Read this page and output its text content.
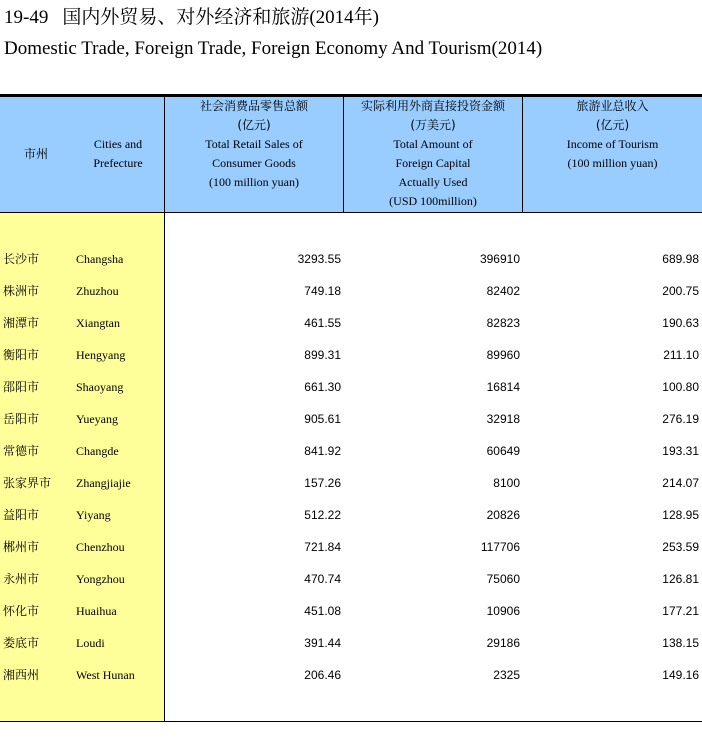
19-49 国内外贸易、对外经济和旅游(2014年)
Domestic Trade, Foreign Trade, Foreign Economy And Tourism(2014)
市州
Cities and
Prefecture
社会消费品零售总额
(亿元)
Total Retail Sales of
Consumer Goods
(100 million yuan)
实际利用外商直接投资金额
(万美元)
Total Amount of
Foreign Capital
Actually Used
(USD 100million)
旅游业总收入
(亿元)
Income of Tourism
(100 million yuan)
长沙市	Changsha	3293.55	396910	689.98
株洲市	Zhuzhou	749.18	82402	200.75
湘潭市	Xiangtan	461.55	82823	190.63
衡阳市	Hengyang	899.31	89960	211.10
邵阳市	Shaoyang	661.30	16814	100.80
岳阳市	Yueyang	905.61	32918	276.19
常德市	Changde	841.92	60649	193.31
张家界市 Zhangjiajie	157.26	8100	214.07
益阳市	Yiyang	512.22	20826	128.95
郴州市	Chenzhou	721.84	117706	253.59
永州市	Yongzhou	470.74	75060	126.81
怀化市	Huaihua	451.08	10906	177.21
娄底市	Loudi	391.44	29186	138.15
湘西州	West Hunan	206.46	2325	149.16
